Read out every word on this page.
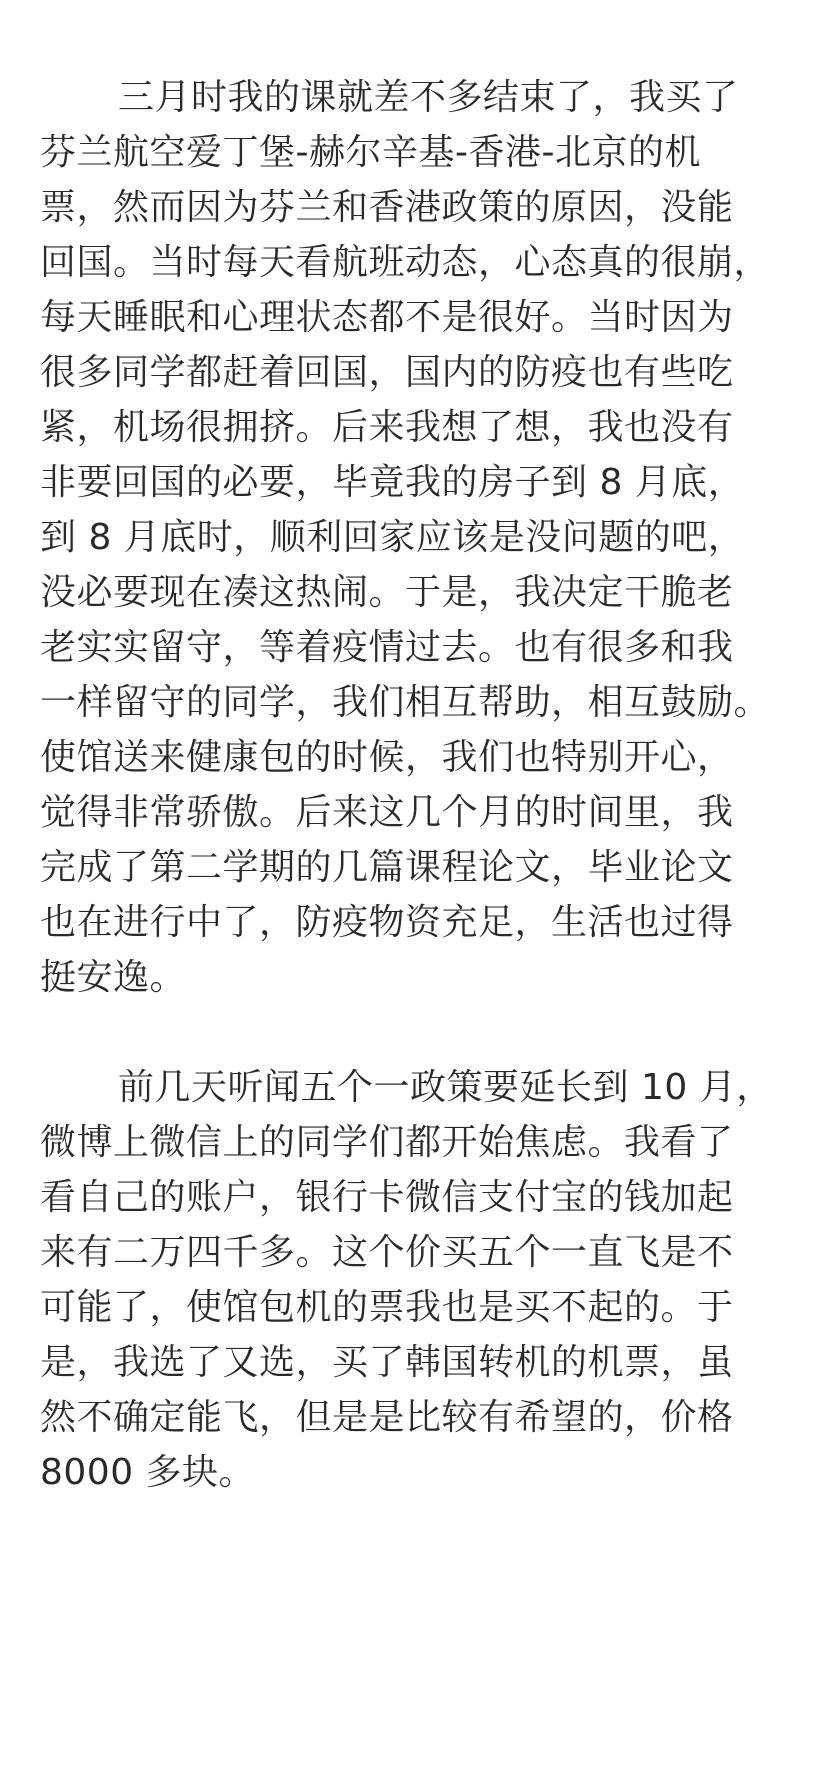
三月时我的课就差不多结束了，我买了
芬兰航空爱丁堡-赫尔辛基-香港-北京的机
票，然而因为芬兰和香港政策的原因，没能
回国。当时每天看航班动态，心态真的很崩，
每天睡眠和心理状态都不是很好。当时因为
很多同学都赶着回国，国内的防疫也有些吃
紧，机场很拥挤。后来我想了想，我也没有
非要回国的必要，毕竟我的房子到 8 月底，
到 8 月底时，顺利回家应该是没问题的吧，
没必要现在凑这热闹。于是，我决定干脆老
老实实留守，等着疫情过去。也有很多和我
一样留守的同学，我们相互帮助，相互鼓励。
使馆送来健康包的时候，我们也特别开心，
觉得非常骄傲。后来这几个月的时间里，我
完成了第二学期的几篇课程论文，毕业论文
也在进行中了，防疫物资充足，生活也过得
挺安逸。
前几天听闻五个一政策要延长到 10 月，
微博上微信上的同学们都开始焦虑。我看了
看自己的账户，银行卡微信支付宝的钱加起
来有二万四千多。这个价买五个一直飞是不
可能了，使馆包机的票我也是买不起的。于
是，我选了又选，买了韩国转机的机票，虽
然不确定能飞，但是是比较有希望的，价格
8000 多块。
